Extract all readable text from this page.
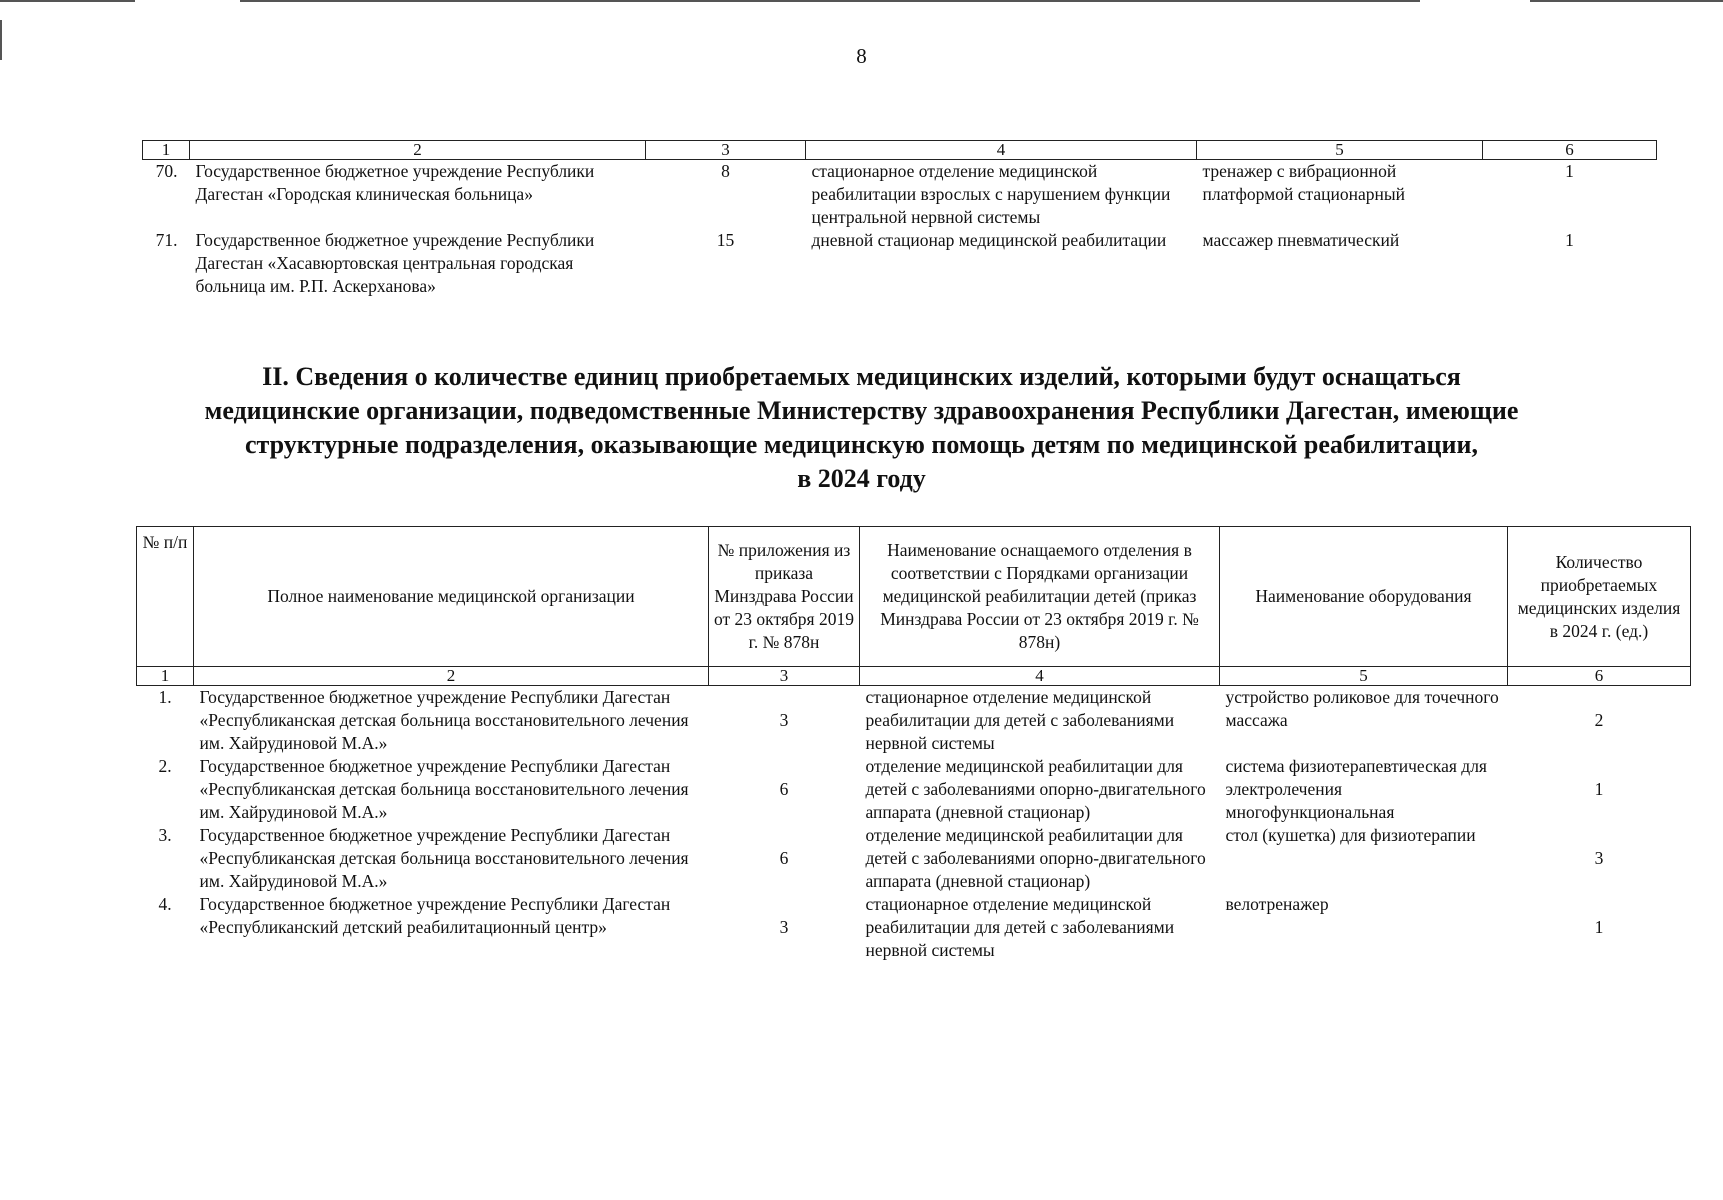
8
1	2	3	4	5	6
70.	Государственное бюджетное учреждение Республики Дагестан «Городская клиническая больница»	8	стационарное отделение медицинской реабилитации взрослых с нарушением функции центральной нервной системы	тренажер с вибрационной платформой стационарный	1
71.	Государственное бюджетное учреждение Республики Дагестан «Хасавюртовская центральная городская больница им. Р.П. Аскерханова»	15	дневной стационар медицинской реабилитации	массажер пневматический	1
II. Сведения о количестве единиц приобретаемых медицинских изделий, которыми будут оснащаться
медицинские организации, подведомственные Министерству здравоохранения Республики Дагестан, имеющие
структурные подразделения, оказывающие медицинскую помощь детям по медицинской реабилитации,
в 2024 году
№ п/п	Полное наименование медицинской организации	№ приложения из приказа Минздрава России от 23 октября 2019 г. № 878н	Наименование оснащаемого отделения в соответствии с Порядками организации медицинской реабилитации детей (приказ Минздрава России от 23 октября 2019 г. № 878н)	Наименование оборудования	Количество приобретаемых медицинских изделия в 2024 г. (ед.)
1	2	3	4	5	6
1.	Государственное бюджетное учреждение Республики Дагестан «Республиканская детская больница восстановительного лечения им. Хайрудиновой М.А.»	3	стационарное отделение медицинской реабилитации для детей с заболеваниями нервной системы	устройство роликовое для точечного массажа	2
2.	Государственное бюджетное учреждение Республики Дагестан «Республиканская детская больница восстановительного лечения им. Хайрудиновой М.А.»	6	отделение медицинской реабилитации для детей с заболеваниями опорно-двигательного аппарата (дневной стационар)	система физиотерапевтическая для электролечения многофункциональная	1
3.	Государственное бюджетное учреждение Республики Дагестан «Республиканская детская больница восстановительного лечения им. Хайрудиновой М.А.»	6	отделение медицинской реабилитации для детей с заболеваниями опорно-двигательного аппарата (дневной стационар)	стол (кушетка) для физиотерапии	3
4.	Государственное бюджетное учреждение Республики Дагестан «Республиканский детский реабилитационный центр»	3	стационарное отделение медицинской реабилитации для детей с заболеваниями нервной системы	велотренажер	1
